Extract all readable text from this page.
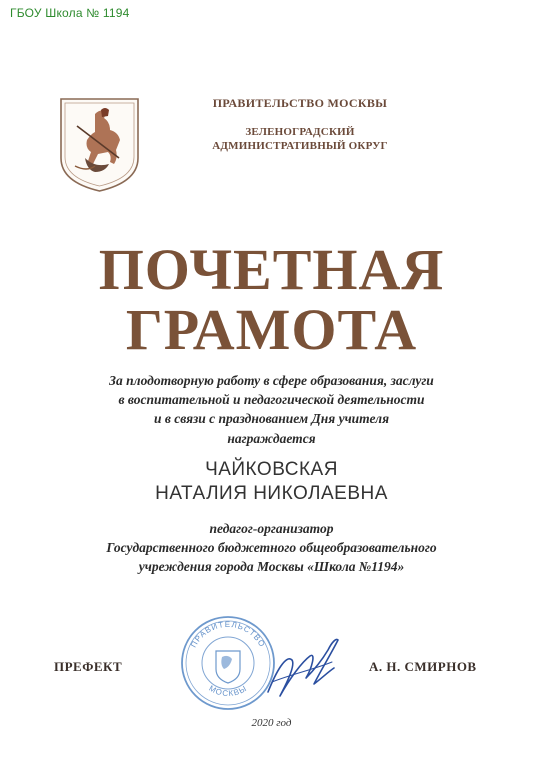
ГБОУ Школа № 1194
ПРАВИТЕЛЬСТВО МОСКВЫ
ЗЕЛЕНОГРАДСКИЙ
АДМИНИСТРАТИВНЫЙ ОКРУГ
ПОЧЕТНАЯ
ГРАМОТА
За плодотворную работу в сфере образования, заслуги
в воспитательной и педагогической деятельности
и в связи с празднованием Дня учителя
награждается
ЧАЙКОВСКАЯ
НАТАЛИЯ НИКОЛАЕВНА
педагог-организатор
Государственного бюджетного общеобразовательного
учреждения города Москвы «Школа №1194»
ПРЕФЕКТ
ПРАВИТЕЛЬСТВО
МОСКВЫ
А. Н. СМИРНОВ
2020 год
